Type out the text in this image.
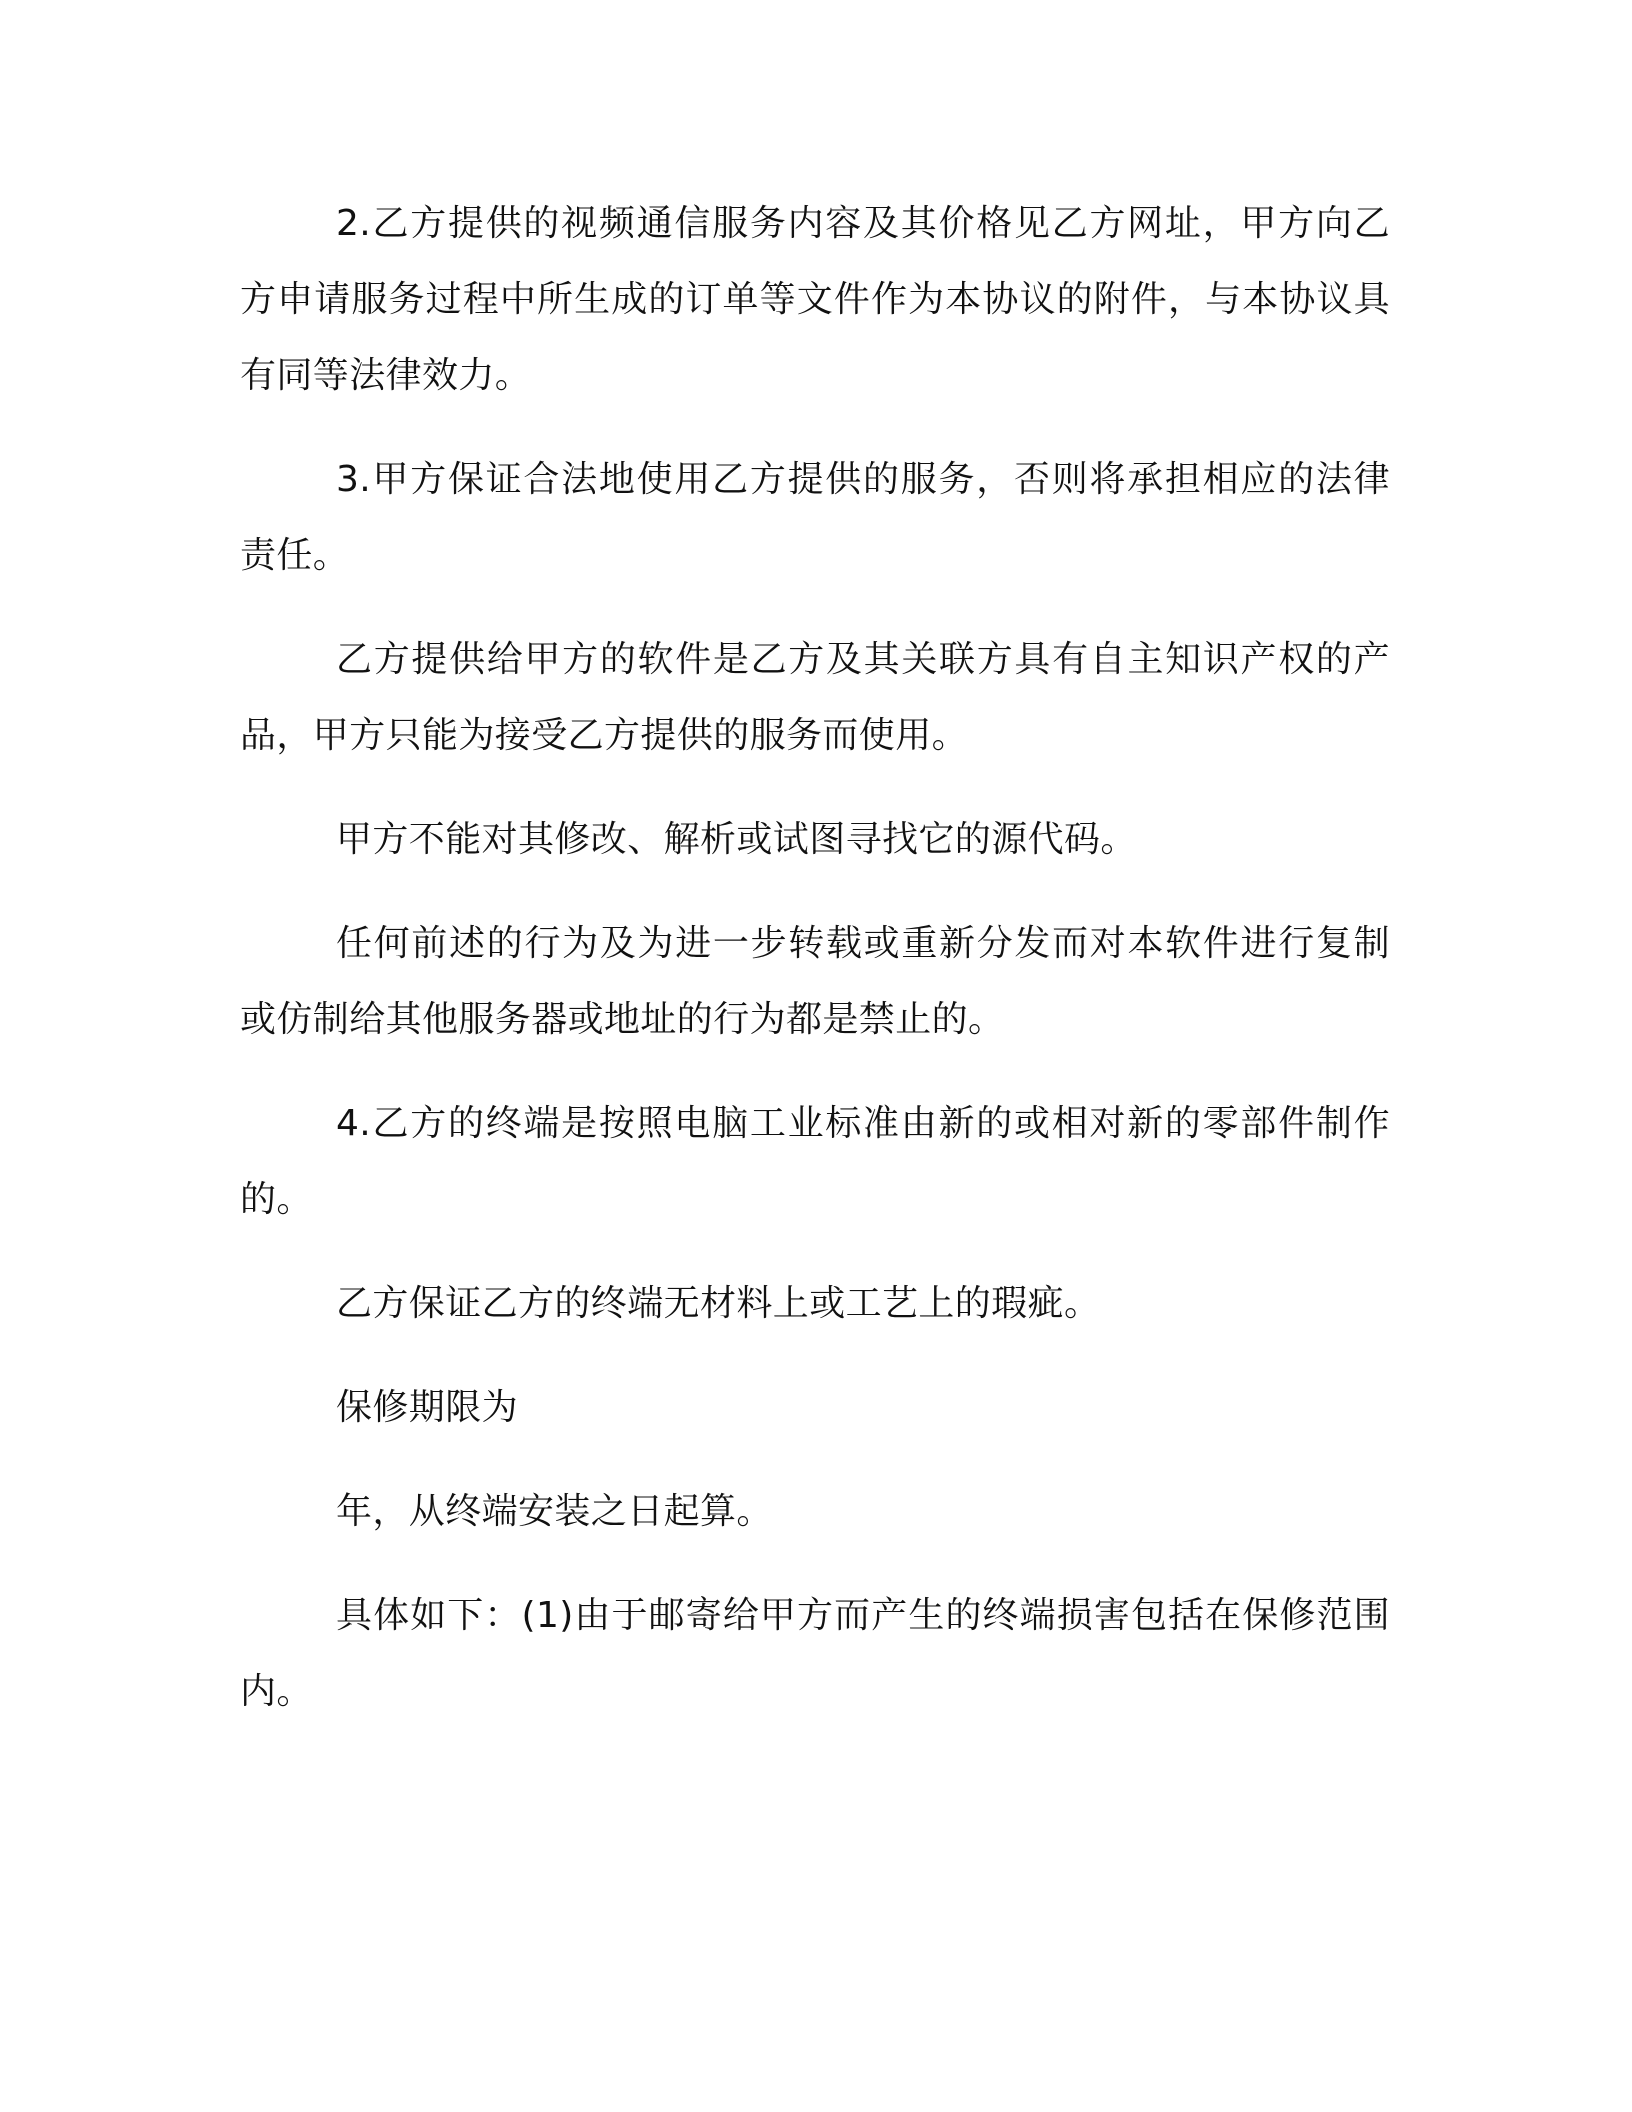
2.乙方提供的视频通信服务内容及其价格见乙方网址，甲方向乙方申请服务过程中所生成的订单等文件作为本协议的附件，与本协议具有同等法律效力。

3.甲方保证合法地使用乙方提供的服务，否则将承担相应的法律责任。

乙方提供给甲方的软件是乙方及其关联方具有自主知识产权的产品，甲方只能为接受乙方提供的服务而使用。

甲方不能对其修改、解析或试图寻找它的源代码。

任何前述的行为及为进一步转载或重新分发而对本软件进行复制或仿制给其他服务器或地址的行为都是禁止的。

4.乙方的终端是按照电脑工业标准由新的或相对新的零部件制作的。

乙方保证乙方的终端无材料上或工艺上的瑕疵。

保修期限为

年，从终端安装之日起算。

具体如下：(1)由于邮寄给甲方而产生的终端损害包括在保修范围内。
